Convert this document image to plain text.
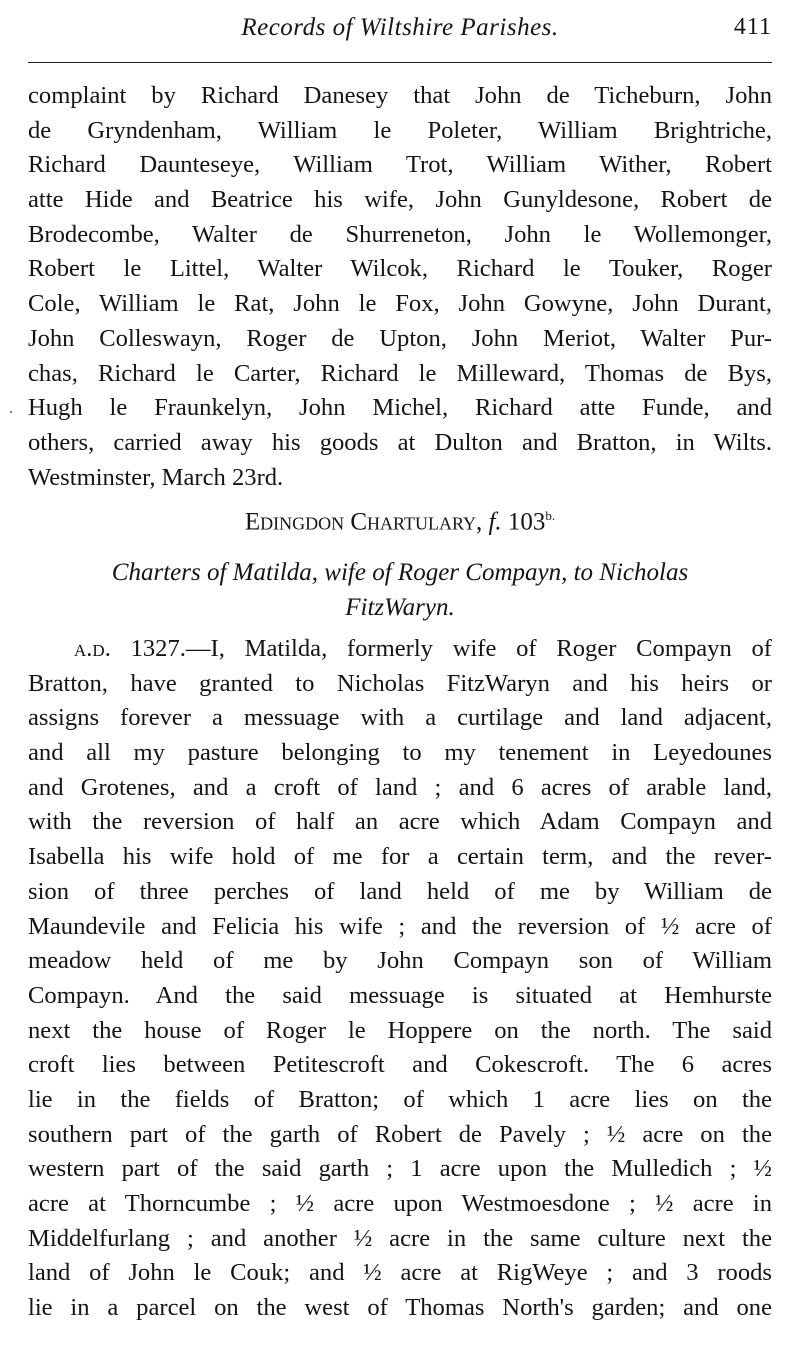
Records of Wiltshire Parishes.	411
complaint by Richard Danesey that John de Ticheburn, John
de Gryndenham, William le Poleter, William Brightriche,
Richard Daunteseye, William Trot, William Wither, Robert
atte Hide and Beatrice his wife, John Gunyldesone, Robert de
Brodecombe, Walter de Shurreneton, John le Wollemonger,
Robert le Littel, Walter Wilcok, Richard le Touker, Roger
Cole, William le Rat, John le Fox, John Gowyne, John Durant,
John Colleswayn, Roger de Upton, John Meriot, Walter Pur-
chas, Richard le Carter, Richard le Milleward, Thomas de Bys,
Hugh le Fraunkelyn, John Michel, Richard atte Funde, and
others, carried away his goods at Dulton and Bratton, in Wilts.
Westminster, March 23rd.
·
Edingdon Chartulary, f. $103^{b.}$
Charters of Matilda, wife of Roger Compayn, to Nicholas
FitzWaryn.
a.d. 1327.—I, Matilda, formerly wife of Roger Compayn of
Bratton, have granted to Nicholas FitzWaryn and his heirs or
assigns forever a messuage with a curtilage and land adjacent,
and all my pasture belonging to my tenement in Leyedounes
and Grotenes, and a croft of land ; and 6 acres of arable land,
with the reversion of half an acre which Adam Compayn and
Isabella his wife hold of me for a certain term, and the rever-
sion of three perches of land held of me by William de
Maundevile and Felicia his wife ; and the reversion of ½ acre of
meadow held of me by John Compayn son of William
Compayn. And the said messuage is situated at Hemhurste
next the house of Roger le Hoppere on the north. The said
croft lies between Petitescroft and Cokescroft. The 6 acres
lie in the fields of Bratton; of which 1 acre lies on the
southern part of the garth of Robert de Pavely ; ½ acre on the
western part of the said garth ; 1 acre upon the Mulledich ; ½
acre at Thorncumbe ; ½ acre upon Westmoesdone ; ½ acre in
Middelfurlang ; and another ½ acre in the same culture next the
land of John le Couk; and ½ acre at RigWeye ; and 3 roods
lie in a parcel on the west of Thomas North's garden; and one
